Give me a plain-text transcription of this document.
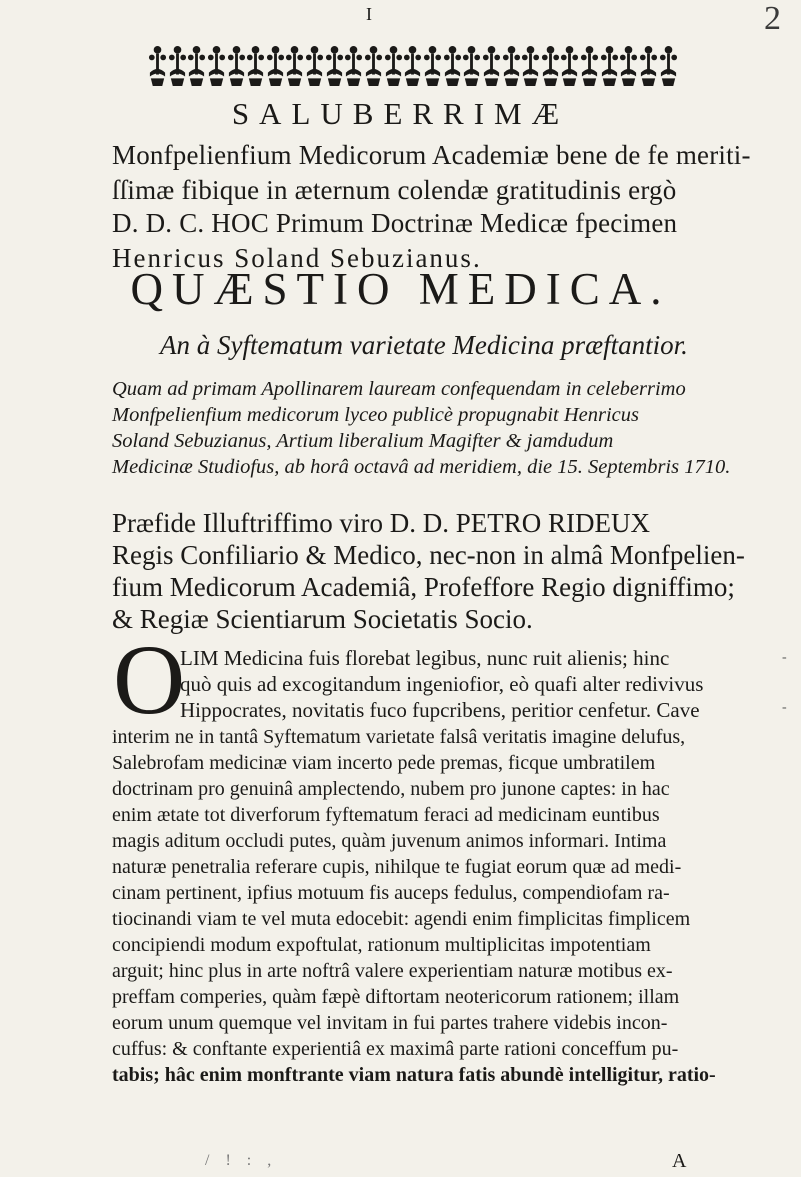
I	2
SALUBERRIMÆ
Monfpelienfium Medicorum Academiæ bene de fe meriti-
ſſimæ fibique in æternum colendæ gratitudinis ergò
D. D. C. HOC Primum Doctrinæ Medicæ fpecimen
Henricus Soland Sebuzianus.
QUÆSTIO MEDICA.
An à Syftematum varietate Medicina præftantior.
Quam ad primam Apollinarem lauream confequendam in celeberrimo
Monfpelienfium medicorum lyceo publicè propugnabit Henricus
Soland Sebuzianus, Artium liberalium Magifter & jamdudum
Medicinæ Studiofus, ab horâ octavâ ad meridiem, die 15. Septembris 1710.
Præfide Illuftriffimo viro D. D. PETRO RIDEUX
Regis Confiliario & Medico, nec-non in almâ Monfpelien-
fium Medicorum Academiâ, Profeffore Regio digniffimo;
& Regiæ Scientiarum Societatis Socio.
O
LIM Medicina fuis florebat legibus, nunc ruit alienis; hinc
quò quis ad excogitandum ingeniofior, eò quafi alter redivivus
Hippocrates, novitatis fuco fupcribens, peritior cenfetur. Cave
interim ne in tantâ Syftematum varietate falsâ veritatis imagine delufus,
Salebrofam medicinæ viam incerto pede premas, ficque umbratilem
doctrinam pro genuinâ amplectendo, nubem pro junone captes: in hac
enim ætate tot diverforum fyftematum feraci ad medicinam euntibus
magis aditum occludi putes, quàm juvenum animos informari. Intima
naturæ penetralia referare cupis, nihilque te fugiat eorum quæ ad medi-
cinam pertinent, ipfius motuum fis auceps fedulus, compendiofam ra-
tiocinandi viam te vel muta edocebit: agendi enim fimplicitas fimplicem
concipiendi modum expoftulat, rationum multiplicitas impotentiam
arguit; hinc plus in arte noftrâ valere experientiam naturæ motibus ex-
preffam comperies, quàm fæpè diftortam neotericorum rationem; illam
eorum unum quemque vel invitam in fui partes trahere videbis incon-
cuffus: & conftante experientiâ ex maximâ parte rationi conceffum pu-
tabis; hâc enim monftrante viam natura fatis abundè intelligitur, ratio-
-
-
/ ! : ,	A
